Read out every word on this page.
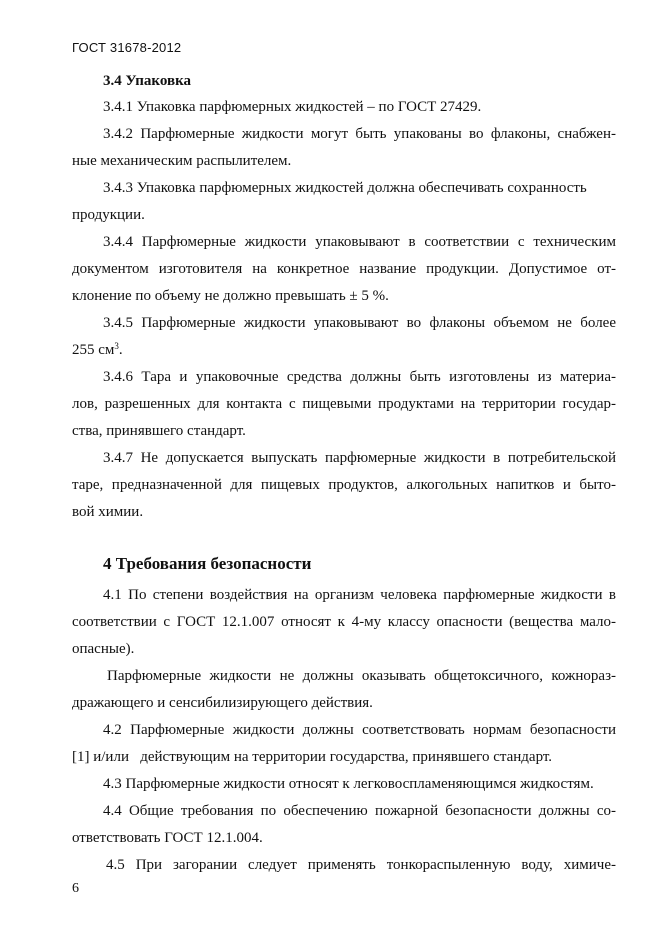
ГОСТ 31678-2012
3.4 Упаковка
3.4.1 Упаковка парфюмерных жидкостей – по ГОСТ 27429.
3.4.2 Парфюмерные жидкости могут быть упакованы во флаконы, снабжен-
ные механическим распылителем.
3.4.3 Упаковка парфюмерных жидкостей должна обеспечивать сохранность
продукции.
3.4.4 Парфюмерные жидкости упаковывают в соответствии с техническим
документом изготовителя на конкретное название продукции. Допустимое от-
клонение по объему не должно превышать ± 5 %.
3.4.5 Парфюмерные жидкости упаковывают во флаконы объемом не более
255 $см^3$.
3.4.6 Тара и упаковочные средства должны быть изготовлены из материа-
лов, разрешенных для контакта с пищевыми продуктами на территории государ-
ства, принявшего стандарт.
3.4.7 Не допускается выпускать парфюмерные жидкости в потребительской
таре, предназначенной для пищевых продуктов, алкогольных напитков и быто-
вой химии.
4 Требования безопасности
4.1 По степени воздействия на организм человека парфюмерные жидкости в
соответствии с ГОСТ 12.1.007 относят к 4-му классу опасности (вещества мало-
опасные).
Парфюмерные жидкости не должны оказывать общетоксичного, кожнораз-
дражающего и сенсибилизирующего действия.
4.2 Парфюмерные жидкости должны соответствовать нормам безопасности
[1] и/или   действующим на территории государства, принявшего стандарт.
4.3 Парфюмерные жидкости относят к легковоспламеняющимся жидкостям.
4.4 Общие требования по обеспечению пожарной безопасности должны со-
ответствовать ГОСТ 12.1.004.
4.5 При загорании следует применять тонкораспыленную воду, химиче-
6
